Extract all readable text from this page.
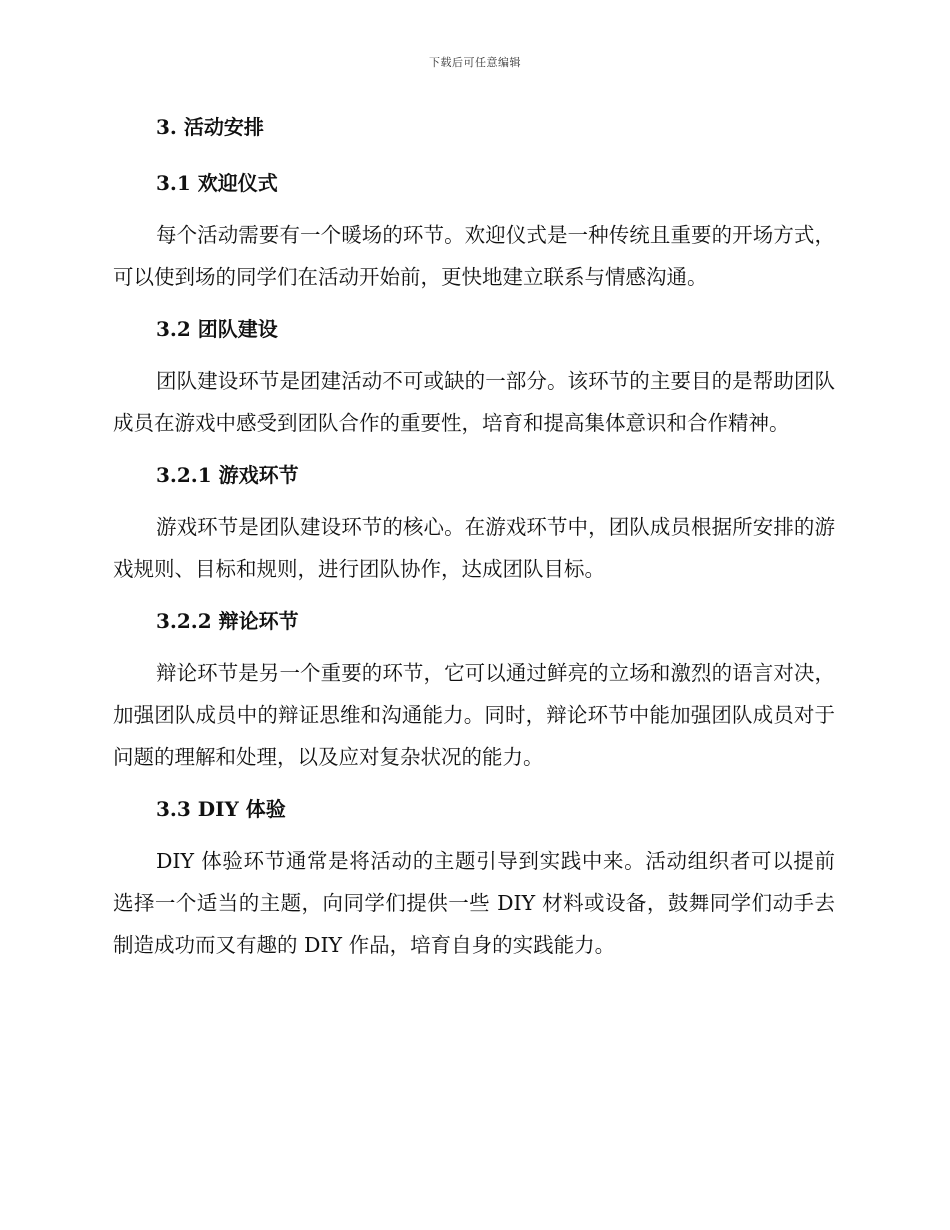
下载后可任意编辑
3. 活动安排
3.1 欢迎仪式

每个活动需要有一个暖场的环节。欢迎仪式是一种传统且重要的开场方式，可以使到场的同学们在活动开始前，更快地建立联系与情感沟通。

3.2 团队建设

团队建设环节是团建活动不可或缺的一部分。该环节的主要目的是帮助团队成员在游戏中感受到团队合作的重要性，培育和提高集体意识和合作精神。

3.2.1 游戏环节

游戏环节是团队建设环节的核心。在游戏环节中，团队成员根据所安排的游戏规则、目标和规则，进行团队协作，达成团队目标。

3.2.2 辩论环节

辩论环节是另一个重要的环节，它可以通过鲜亮的立场和激烈的语言对决，加强团队成员中的辩证思维和沟通能力。同时，辩论环节中能加强团队成员对于问题的理解和处理，以及应对复杂状况的能力。

3.3 DIY 体验

DIY 体验环节通常是将活动的主题引导到实践中来。活动组织者可以提前选择一个适当的主题，向同学们提供一些 DIY 材料或设备，鼓舞同学们动手去制造成功而又有趣的 DIY 作品，培育自身的实践能力。
